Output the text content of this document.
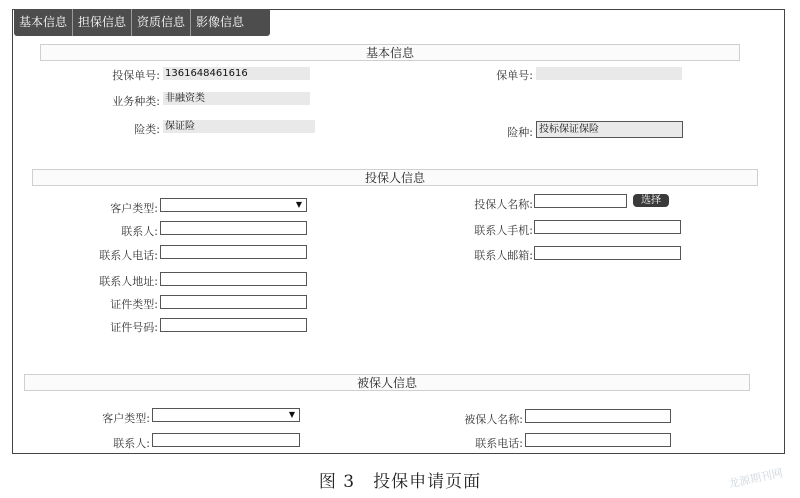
基本信息 担保信息 资质信息 影像信息
基本信息
投保单号: 1361648461616	保单号:
业务种类: 非融资类
险类: 保证险	险种: 投标保证保险
投保人信息
客户类型:	▼	投保人名称:	选择
联系人:	联系人手机:
联系人电话:	联系人邮箱:
联系人地址:
证件类型:
证件号码:
被保人信息
客户类型:	▼	被保人名称:
联系人:	联系电话:
图 3　投保申请页面	龙源期刊网
